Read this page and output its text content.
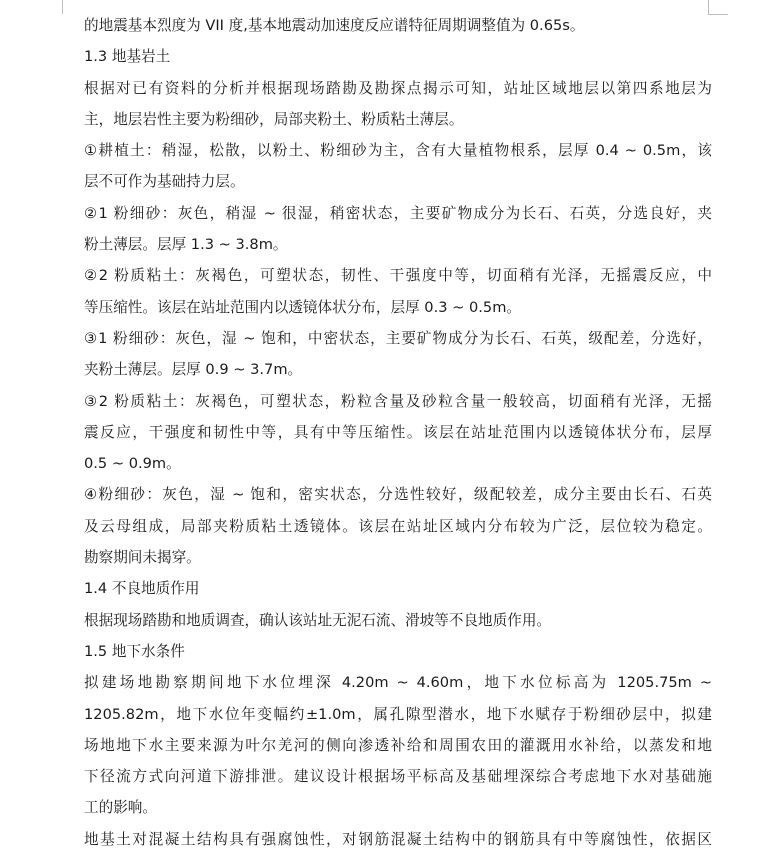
的地震基本烈度为 VII 度,基本地震动加速度反应谱特征周期调整值为 0.65s。
1.3 地基岩土
根据对已有资料的分析并根据现场踏勘及勘探点揭示可知，站址区域地层以第四系地层为
主，地层岩性主要为粉细砂，局部夹粉土、粉质粘土薄层。
①耕植土：稍湿，松散，以粉土、粉细砂为主，含有大量植物根系，层厚 0.4 ~ 0.5m，该
层不可作为基础持力层。
②1 粉细砂：灰色，稍湿 ~ 很湿，稍密状态，主要矿物成分为长石、石英，分选良好，夹
粉土薄层。层厚 1.3 ~ 3.8m。
②2 粉质粘土：灰褐色，可塑状态，韧性、干强度中等，切面稍有光泽，无摇震反应，中
等压缩性。该层在站址范围内以透镜体状分布，层厚 0.3 ~ 0.5m。
③1 粉细砂：灰色，湿 ~ 饱和，中密状态，主要矿物成分为长石、石英，级配差，分选好，
夹粉土薄层。层厚 0.9 ~ 3.7m。
③2 粉质粘土：灰褐色，可塑状态，粉粒含量及砂粒含量一般较高，切面稍有光泽，无摇
震反应，干强度和韧性中等，具有中等压缩性。该层在站址范围内以透镜体状分布，层厚
0.5 ~ 0.9m。
④粉细砂：灰色，湿 ~ 饱和，密实状态，分选性较好，级配较差，成分主要由长石、石英
及云母组成，局部夹粉质粘土透镜体。该层在站址区域内分布较为广泛，层位较为稳定。
勘察期间未揭穿。
1.4 不良地质作用
根据现场踏勘和地质调查，确认该站址无泥石流、滑坡等不良地质作用。
1.5 地下水条件
拟建场地勘察期间地下水位埋深 4.20m ~ 4.60m，地下水位标高为 1205.75m ~
1205.82m，地下水位年变幅约±1.0m，属孔隙型潜水，地下水赋存于粉细砂层中，拟建
场地地下水主要来源为叶尔羌河的侧向渗透补给和周围农田的灌溉用水补给，以蒸发和地
下径流方式向河道下游排泄。建议设计根据场平标高及基础埋深综合考虑地下水对基础施
工的影响。
地基土对混凝土结构具有强腐蚀性，对钢筋混凝土结构中的钢筋具有中等腐蚀性，依据区
